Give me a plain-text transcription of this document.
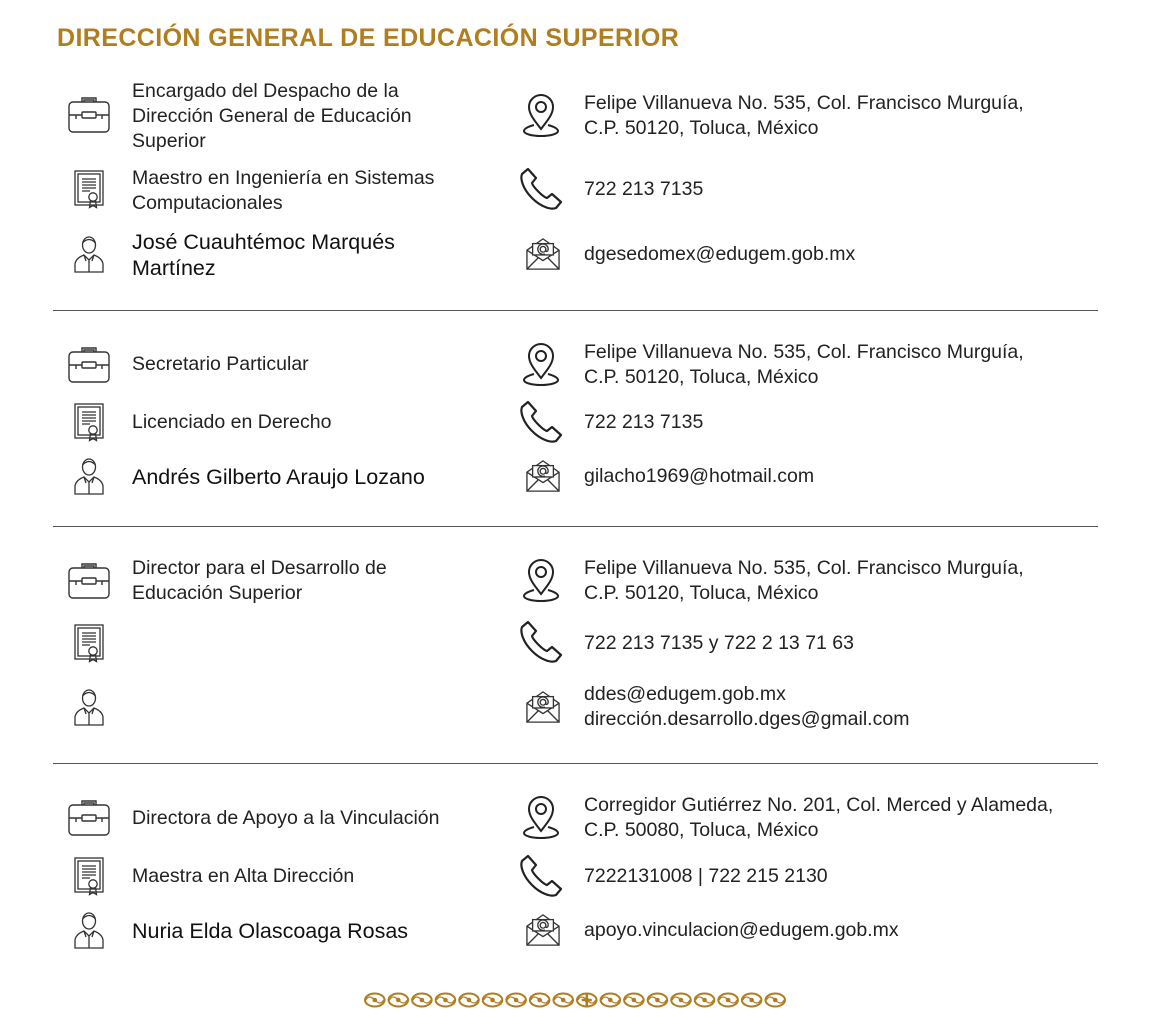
DIRECCIÓN GENERAL DE EDUCACIÓN SUPERIOR
Encargado del Despacho de la Dirección General de Educación Superior
Maestro en Ingeniería en Sistemas Computacionales
José Cuauhtémoc Marqués Martínez
Felipe Villanueva No. 535, Col. Francisco Murguía, C.P. 50120, Toluca, México
722 213 7135
dgesedomex@edugem.gob.mx
Secretario Particular
Licenciado en Derecho
Andrés Gilberto Araujo Lozano
Felipe Villanueva No. 535, Col. Francisco Murguía, C.P. 50120, Toluca, México
722 213 7135
gilacho1969@hotmail.com
Director para el Desarrollo de Educación Superior
Felipe Villanueva No. 535, Col. Francisco Murguía, C.P. 50120, Toluca, México
722 213 7135 y 722 2 13 71 63
ddes@edugem.gob.mx dirección.desarrollo.dges@gmail.com
Directora de Apoyo a la Vinculación
Maestra en Alta Dirección
Nuria Elda Olascoaga Rosas
Corregidor Gutiérrez No. 201, Col. Merced y Alameda, C.P. 50080, Toluca, México
7222131008 | 722 215 2130
apoyo.vinculacion@edugem.gob.mx
